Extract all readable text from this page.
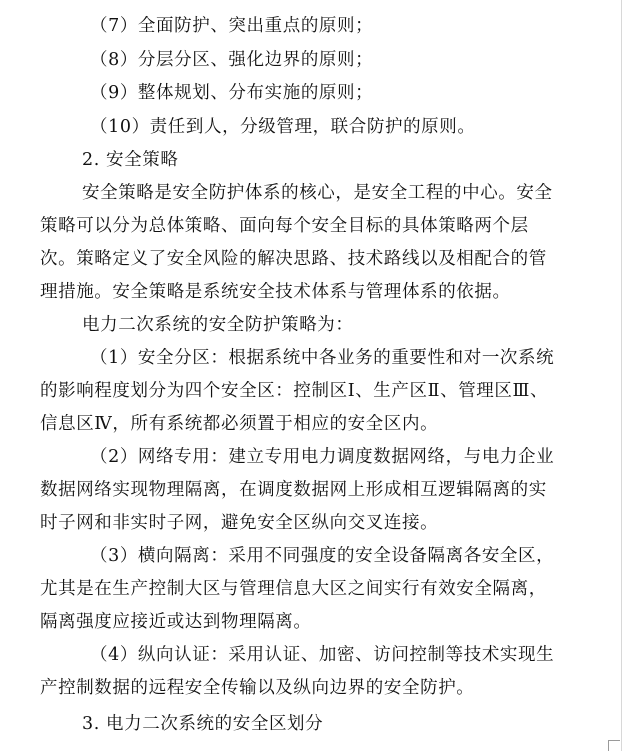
（7）全面防护、突出重点的原则；
（8）分层分区、强化边界的原则；
（9）整体规划、分布实施的原则；
（10）责任到人，分级管理，联合防护的原则。
2. 安全策略
安全策略是安全防护体系的核心，是安全工程的中心。安全
策略可以分为总体策略、面向每个安全目标的具体策略两个层
次。策略定义了安全风险的解决思路、技术路线以及相配合的管
理措施。安全策略是系统安全技术体系与管理体系的依据。
电力二次系统的安全防护策略为：
（1）安全分区：根据系统中各业务的重要性和对一次系统
的影响程度划分为四个安全区：控制区Ⅰ、生产区Ⅱ、管理区Ⅲ、
信息区Ⅳ，所有系统都必须置于相应的安全区内。
（2）网络专用：建立专用电力调度数据网络，与电力企业
数据网络实现物理隔离，在调度数据网上形成相互逻辑隔离的实
时子网和非实时子网，避免安全区纵向交叉连接。
（3）横向隔离：采用不同强度的安全设备隔离各安全区，
尤其是在生产控制大区与管理信息大区之间实行有效安全隔离，
隔离强度应接近或达到物理隔离。
（4）纵向认证：采用认证、加密、访问控制等技术实现生
产控制数据的远程安全传输以及纵向边界的安全防护。
3. 电力二次系统的安全区划分
